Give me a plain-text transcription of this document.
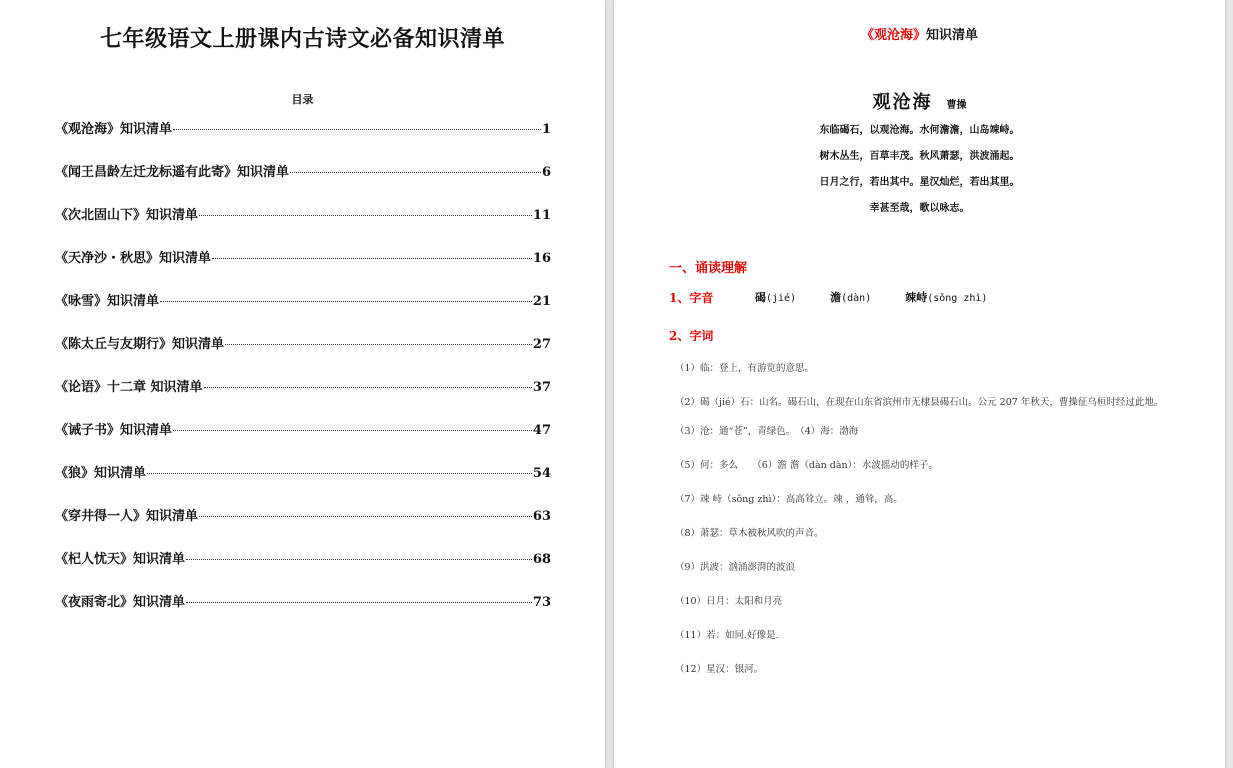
七年级语文上册课内古诗文必备知识清单
目录
《观沧海》知识清单	1
《闻王昌龄左迁龙标遥有此寄》知识清单	6
《次北固山下》知识清单	11
《天净沙・秋思》知识清单	16
《咏雪》知识清单	21
《陈太丘与友期行》知识清单	27
《论语》十二章 知识清单	37
《诫子书》知识清单	47
《狼》知识清单	54
《穿井得一人》知识清单	63
《杞人忧天》知识清单	68
《夜雨寄北》知识清单	73
《观沧海》知识清单
观沧海 曹操
东临碣石，以观沧海。水何澹澹，山岛竦峙。
树木丛生，百草丰茂。秋风萧瑟，洪波涌起。
日月之行，若出其中。星汉灿烂，若出其里。
幸甚至哉，歌以咏志。
一、诵读理解
1、字音	碣(jié)	澹(dàn)	竦峙(sǒng zhì)
2、字词
（1）临：登上，有游览的意思。
（2）碣（jié）石：山名。碣石山，在现在山东省滨州市无棣县碣石山。公元 207 年秋天，曹操征乌桓时经过此地。
（3）沧：通“苍”，青绿色。　（4）海：渤海
（5）何：多么　　（6）澹 澹（dàn dàn）：水波摇动的样子。
（7）竦 峙（sǒng zhì）：高高耸立。竦 ，通耸，高。
（8）萧瑟：草木被秋风吹的声音。
（9）洪波：汹涌澎湃的波浪
（10）日月：太阳和月亮
（11）若：如同.好像是.
（12）星汉：银河。
